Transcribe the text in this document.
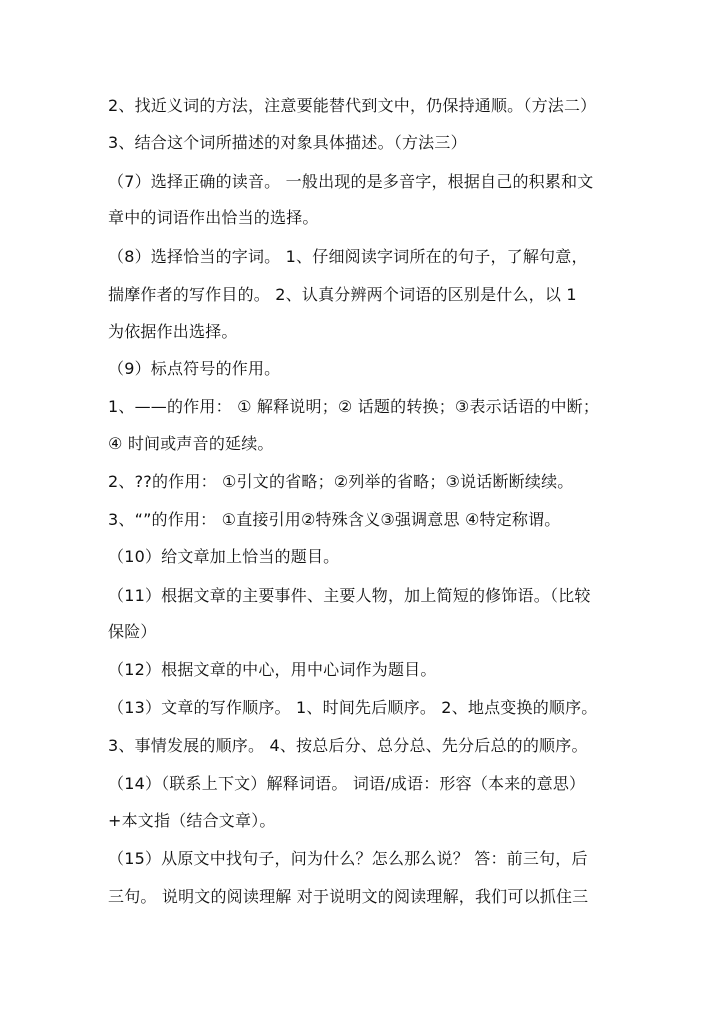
2、找近义词的方法，注意要能替代到文中，仍保持通顺。（方法二）
3、结合这个词所描述的对象具体描述。（方法三）
（7）选择正确的读音。 一般出现的是多音字，根据自己的积累和文
章中的词语作出恰当的选择。
（8）选择恰当的字词。 1、仔细阅读字词所在的句子，了解句意，
揣摩作者的写作目的。 2、认真分辨两个词语的区别是什么，以 1
为依据作出选择。
（9）标点符号的作用。
1、——的作用： ① 解释说明；② 话题的转换；③表示话语的中断；
④ 时间或声音的延续。
2、??的作用： ①引文的省略；②列举的省略；③说话断断续续。
3、“”的作用： ①直接引用②特殊含义③强调意思 ④特定称谓。
（10）给文章加上恰当的题目。
（11）根据文章的主要事件、主要人物，加上简短的修饰语。（比较
保险）
（12）根据文章的中心，用中心词作为题目。
（13）文章的写作顺序。 1、时间先后顺序。 2、地点变换的顺序。
3、事情发展的顺序。 4、按总后分、总分总、先分后总的的顺序。
（14）（联系上下文）解释词语。 词语/成语：形容（本来的意思）
+本文指（结合文章）。
（15）从原文中找句子，问为什么？怎么那么说？ 答：前三句，后
三句。 说明文的阅读理解 对于说明文的阅读理解，我们可以抓住三
